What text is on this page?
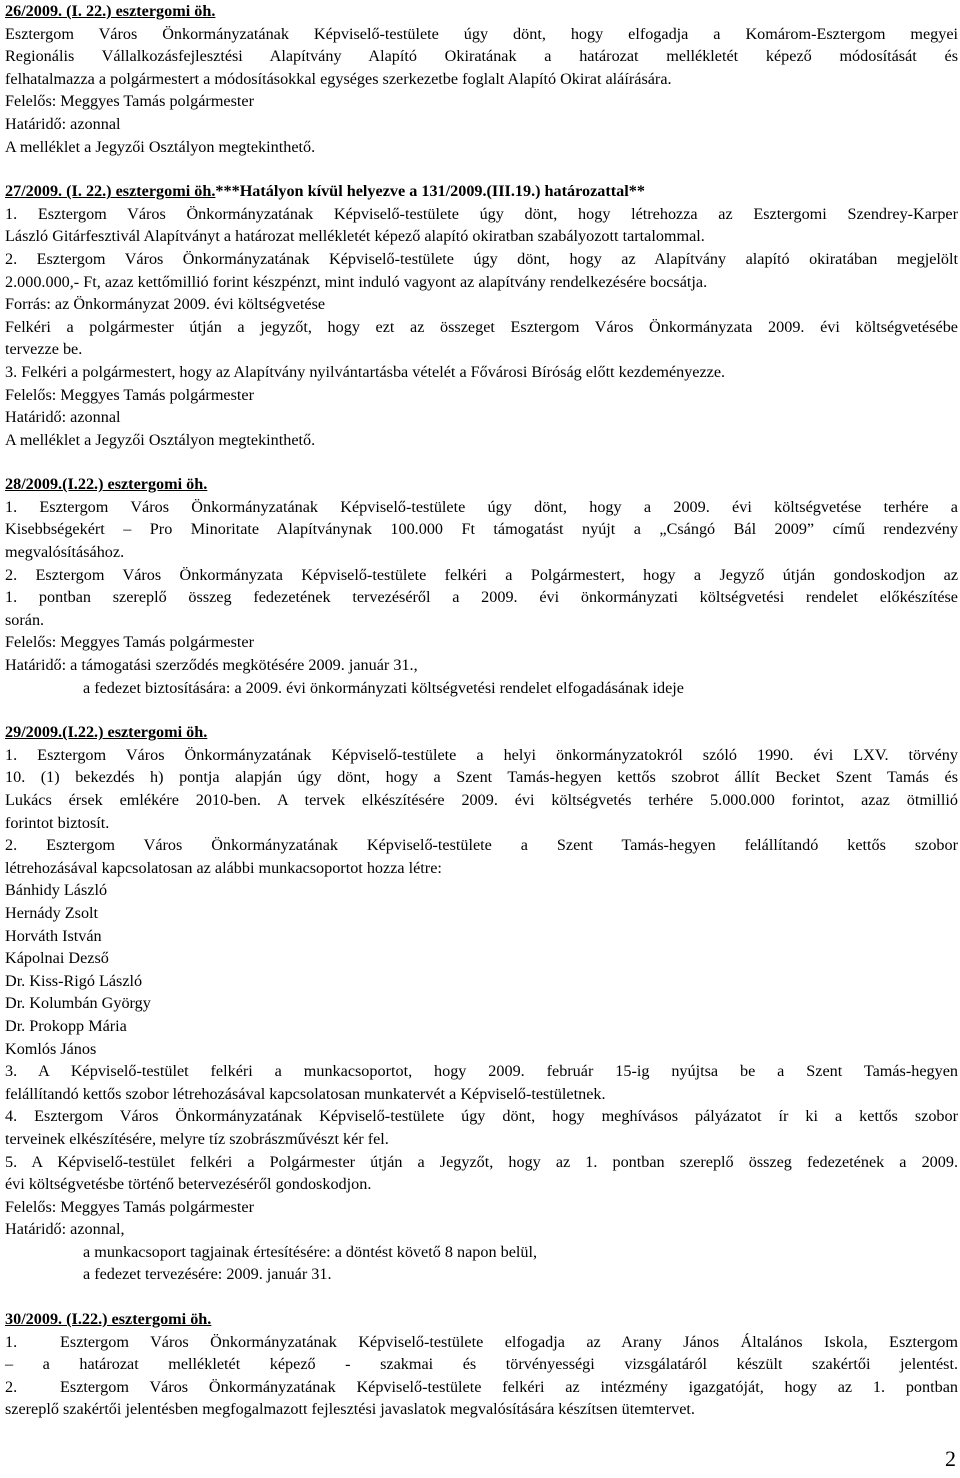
26/2009. (I. 22.) esztergomi öh.
Esztergom Város Önkormányzatának Képviselő-testülete úgy dönt, hogy elfogadja a Komárom-Esztergom megyei
Regionális Vállalkozásfejlesztési Alapítvány Alapító Okiratának a határozat mellékletét képező módosítását és
felhatalmazza a polgármestert a módosításokkal egységes szerkezetbe foglalt Alapító Okirat aláírására.
Felelős: Meggyes Tamás polgármester
Határidő: azonnal
A melléklet a Jegyzői Osztályon megtekinthető.
27/2009. (I. 22.) esztergomi öh.***Hatályon kívül helyezve a 131/2009.(III.19.) határozattal**
1. Esztergom Város Önkormányzatának Képviselő-testülete úgy dönt, hogy létrehozza az Esztergomi Szendrey-Karper
László Gitárfesztivál Alapítványt a határozat mellékletét képező alapító okiratban szabályozott tartalommal.
2. Esztergom Város Önkormányzatának Képviselő-testülete úgy dönt, hogy az Alapítvány alapító okiratában megjelölt
2.000.000,- Ft, azaz kettőmillió forint készpénzt, mint induló vagyont az alapítvány rendelkezésére bocsátja.
Forrás: az Önkormányzat 2009. évi költségvetése
Felkéri a polgármester útján a jegyzőt, hogy ezt az összeget Esztergom Város Önkormányzata 2009. évi költségvetésébe
tervezze be.
3. Felkéri a polgármestert, hogy az Alapítvány nyilvántartásba vételét a Fővárosi Bíróság előtt kezdeményezze.
Felelős: Meggyes Tamás polgármester
Határidő: azonnal
A melléklet a Jegyzői Osztályon megtekinthető.
28/2009.(I.22.) esztergomi öh.
1. Esztergom Város Önkormányzatának Képviselő-testülete úgy dönt, hogy a 2009. évi költségvetése terhére a
Kisebbségekért – Pro Minoritate Alapítványnak 100.000 Ft támogatást nyújt a „Csángó Bál 2009” című rendezvény
megvalósításához.
2. Esztergom Város Önkormányzata Képviselő-testülete felkéri a Polgármestert, hogy a Jegyző útján gondoskodjon az
1. pontban szereplő összeg fedezetének tervezéséről a 2009. évi önkormányzati költségvetési rendelet előkészítése
során.
Felelős: Meggyes Tamás polgármester
Határidő: a támogatási szerződés megkötésére 2009. január 31.,
a fedezet biztosítására: a 2009. évi önkormányzati költségvetési rendelet elfogadásának ideje
29/2009.(I.22.) esztergomi öh.
1. Esztergom Város Önkormányzatának Képviselő-testülete a helyi önkormányzatokról szóló 1990. évi LXV. törvény
10. (1) bekezdés h) pontja alapján úgy dönt, hogy a Szent Tamás-hegyen kettős szobrot állít Becket Szent Tamás és
Lukács érsek emlékére 2010-ben. A tervek elkészítésére 2009. évi költségvetés terhére 5.000.000 forintot, azaz ötmillió
forintot biztosít.
2. Esztergom Város Önkormányzatának Képviselő-testülete a Szent Tamás-hegyen felállítandó kettős szobor
létrehozásával kapcsolatosan az alábbi munkacsoportot hozza létre:
Bánhidy László
Hernády Zsolt
Horváth István
Kápolnai Dezső
Dr. Kiss-Rigó László
Dr. Kolumbán György
Dr. Prokopp Mária
Komlós János
3. A Képviselő-testület felkéri a munkacsoportot, hogy 2009. február 15-ig nyújtsa be a Szent Tamás-hegyen
felállítandó kettős szobor létrehozásával kapcsolatosan munkatervét a Képviselő-testületnek.
4. Esztergom Város Önkormányzatának Képviselő-testülete úgy dönt, hogy meghívásos pályázatot ír ki a kettős szobor
terveinek elkészítésére, melyre tíz szobrászművészt kér fel.
5. A Képviselő-testület felkéri a Polgármester útján a Jegyzőt, hogy az 1. pontban szereplő összeg fedezetének a 2009.
évi költségvetésbe történő betervezéséről gondoskodjon.
Felelős: Meggyes Tamás polgármester
Határidő: azonnal,
a munkacsoport tagjainak értesítésére: a döntést követő 8 napon belül,
a fedezet tervezésére: 2009. január 31.
30/2009. (I.22.) esztergomi öh.
1.	Esztergom Város Önkormányzatának Képviselő-testülete elfogadja az Arany János Általános Iskola, Esztergom
– a határozat mellékletét képező - szakmai és törvényességi vizsgálatáról készült szakértői jelentést.
2.	Esztergom Város Önkormányzatának Képviselő-testülete felkéri az intézmény igazgatóját, hogy az 1. pontban
szereplő szakértői jelentésben megfogalmazott fejlesztési javaslatok megvalósítására készítsen ütemtervet.
2
